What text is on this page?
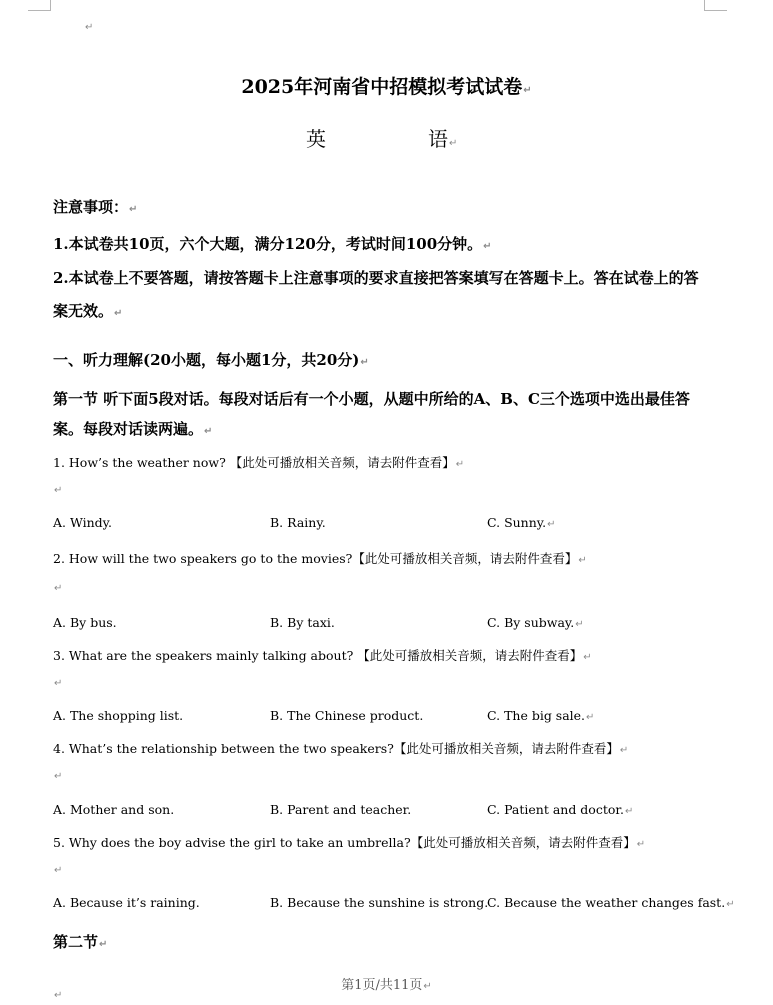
↵
2025年河南省中招模拟考试试卷↵
英	语↵
注意事项：↵
1.本试卷共10页，六个大题，满分120分，考试时间100分钟。↵
2.本试卷上不要答题，请按答题卡上注意事项的要求直接把答案填写在答题卡上。答在试卷上的答案无效。↵
一、听力理解(20小题，每小题1分，共20分)↵
第一节 听下面5段对话。每段对话后有一个小题，从题中所给的A、B、C三个选项中选出最佳答案。每段对话读两遍。↵
1. How’s the weather now? 【此处可播放相关音频，请去附件查看】↵
↵
A. Windy.	B. Rainy.	C. Sunny.↵
2. How will the two speakers go to the movies?【此处可播放相关音频，请去附件查看】↵
↵
A. By bus.	B. By taxi.	C. By subway.↵
3. What are the speakers mainly talking about? 【此处可播放相关音频，请去附件查看】↵
↵
A. The shopping list.	B. The Chinese product.	C. The big sale.↵
4. What’s the relationship between the two speakers?【此处可播放相关音频，请去附件查看】↵
↵
A. Mother and son.	B. Parent and teacher.	C. Patient and doctor.↵
5. Why does the boy advise the girl to take an umbrella?【此处可播放相关音频，请去附件查看】↵
↵
A. Because it’s raining.	B. Because the sunshine is strong.
C. Because the weather changes fast.↵
第二节↵
第1页/共11页↵
↵
